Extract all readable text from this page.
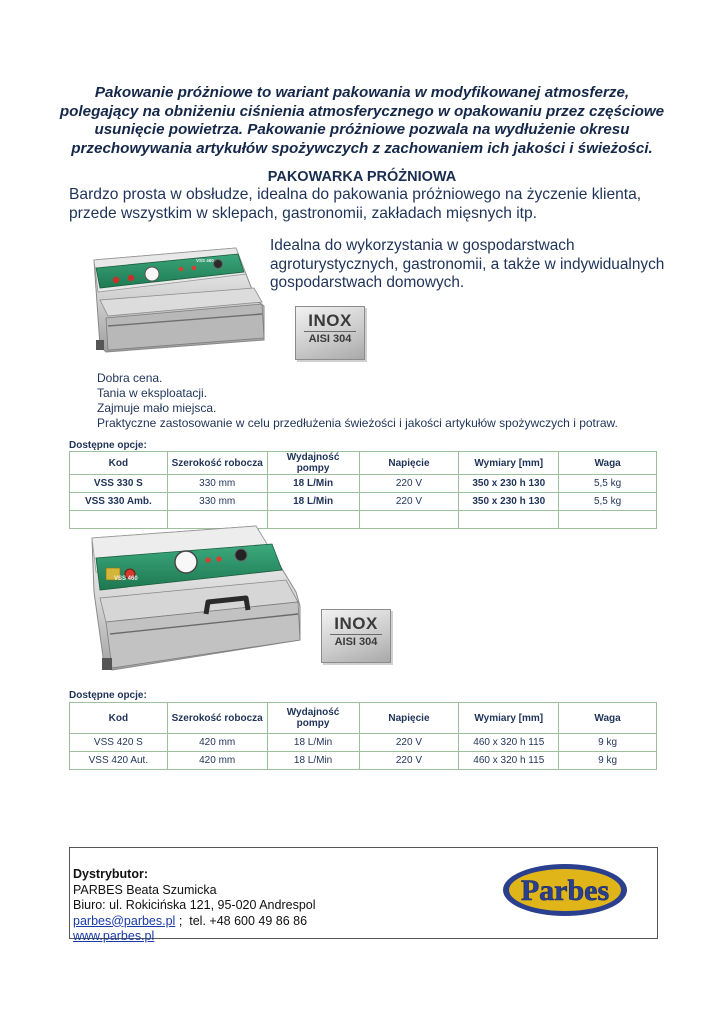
Pakowanie próżniowe to wariant pakowania w modyfikowanej atmosferze, polegający na obniżeniu ciśnienia atmosferycznego w opakowaniu przez częściowe usunięcie powietrza. Pakowanie próżniowe pozwala na wydłużenie okresu przechowywania artykułów spożywczych z zachowaniem ich jakości i świeżości.
PAKOWARKA PRÓŻNIOWA
Bardzo prosta w obsłudze, idealna do pakowania próżniowego na życzenie klienta, przede wszystkim w sklepach, gastronomii, zakładach mięsnych itp.
VSS 460
Idealna do wykorzystania w gospodarstwach agroturystycznych, gastronomii, a także w indywidualnych gospodarstwach domowych.
INOX
AISI 304
Dobra cena.
Tania w eksploatacji.
Zajmuje mało miejsca.
Praktyczne zastosowanie w celu przedłużenia świeżości i jakości artykułów spożywczych i potraw.
Dostępne opcje:
Kod	Szerokość robocza	Wydajność pompy	Napięcie	Wymiary [mm]	Waga
VSS 330 S	330 mm	18 L/Min	220 V	350 x 230 h 130	5,5 kg
VSS 330 Amb.	330 mm	18 L/Min	220 V	350 x 230 h 130	5,5 kg

VSS 460
INOX
AISI 304
Dostępne opcje:
Kod	Szerokość robocza	Wydajność pompy	Napięcie	Wymiary [mm]	Waga
VSS 420 S	420 mm	18 L/Min	220 V	460 x 320 h 115	9 kg
VSS 420 Aut.	420 mm	18 L/Min	220 V	460 x 320 h 115	9 kg
Dystrybutor:
PARBES Beata Szumicka
Biuro: ul. Rokicińska 121, 95-020 Andrespol
parbes@parbes.pl ;  tel. +48 600 49 86 86
www.parbes.pl
Parbes
